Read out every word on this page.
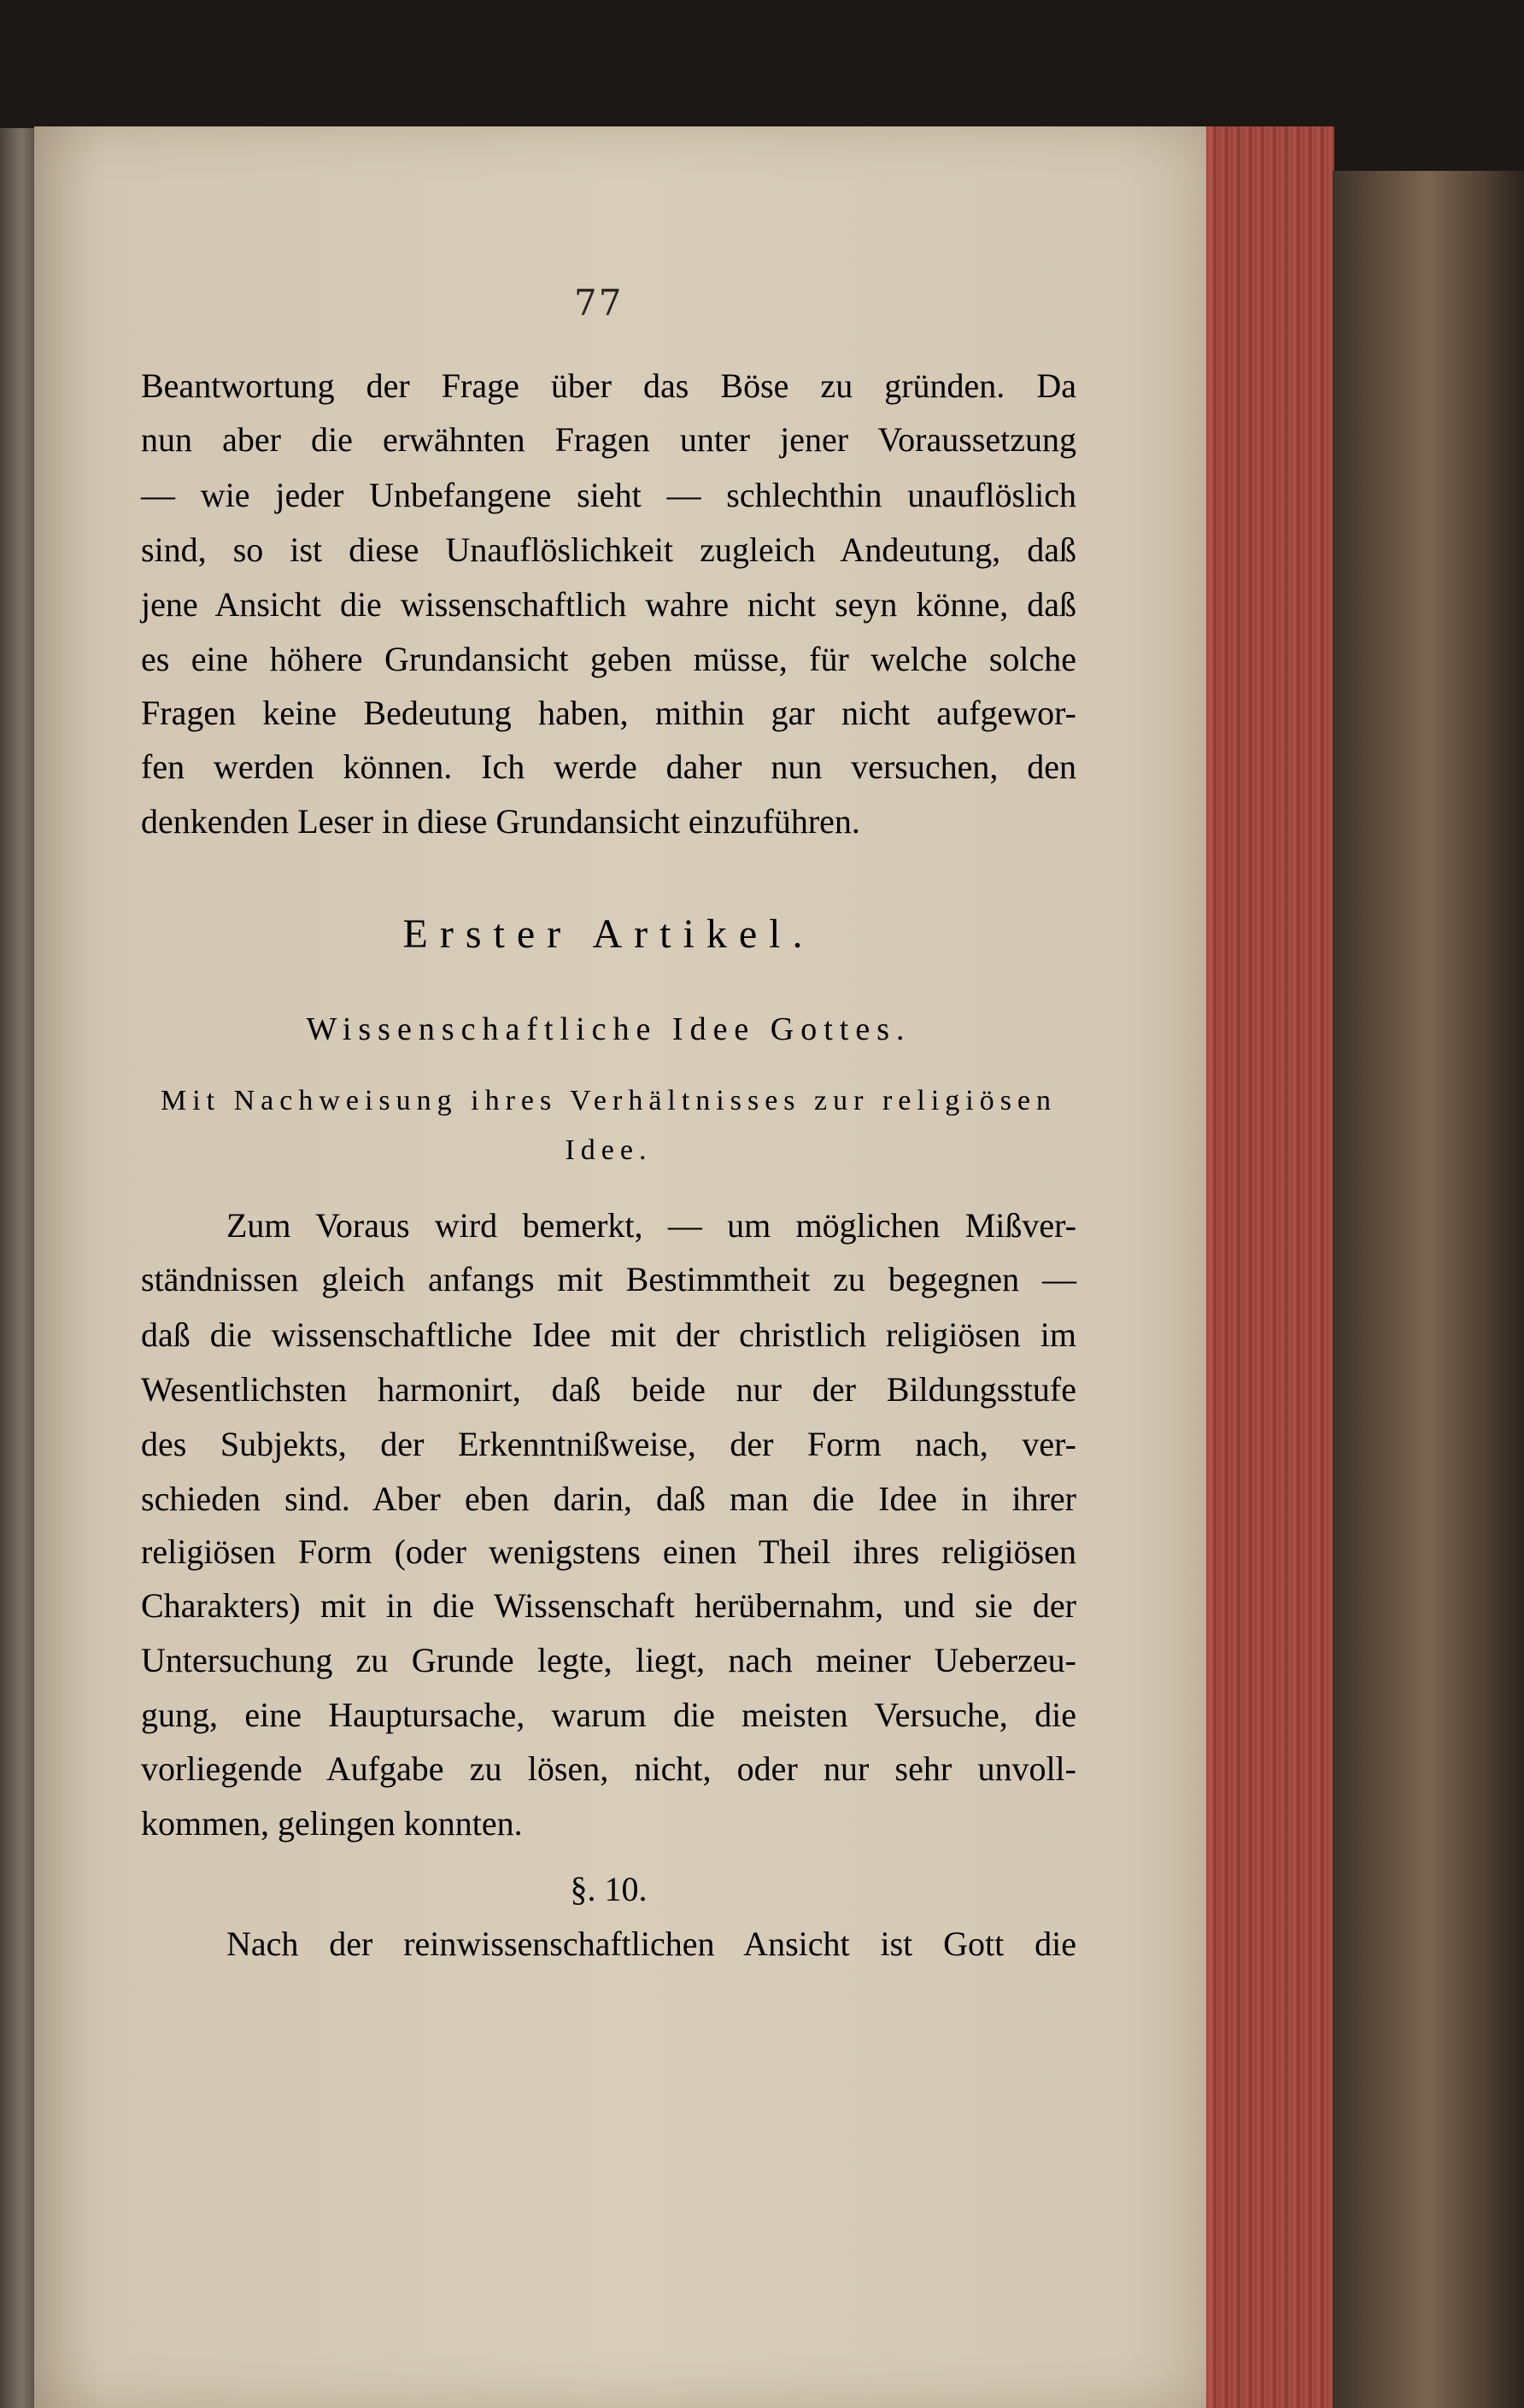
77
Beantwortung der Frage über das Böse zu gründen. Da
nun aber die erwähnten Fragen unter jener Voraussetzung
— wie jeder Unbefangene sieht — schlechthin unauflöslich
sind, so ist diese Unauflöslichkeit zugleich Andeutung, daß
jene Ansicht die wissenschaftlich wahre nicht seyn könne, daß
es eine höhere Grundansicht geben müsse, für welche solche
Fragen keine Bedeutung haben, mithin gar nicht aufgewor-
fen werden können. Ich werde daher nun versuchen, den
denkenden Leser in diese Grundansicht einzuführen.
Erster Artikel.
Wissenschaftliche Idee Gottes.
Mit Nachweisung ihres Verhältnisses zur religiösen
Idee.
Zum Voraus wird bemerkt, — um möglichen Mißver-
ständnissen gleich anfangs mit Bestimmtheit zu begegnen —
daß die wissenschaftliche Idee mit der christlich religiösen im
Wesentlichsten harmonirt, daß beide nur der Bildungsstufe
des Subjekts, der Erkenntnißweise, der Form nach, ver-
schieden sind. Aber eben darin, daß man die Idee in ihrer
religiösen Form (oder wenigstens einen Theil ihres religiösen
Charakters) mit in die Wissenschaft herübernahm, und sie der
Untersuchung zu Grunde legte, liegt, nach meiner Ueberzeu-
gung, eine Hauptursache, warum die meisten Versuche, die
vorliegende Aufgabe zu lösen, nicht, oder nur sehr unvoll-
kommen, gelingen konnten.
§. 10.
Nach der reinwissenschaftlichen Ansicht ist Gott die
